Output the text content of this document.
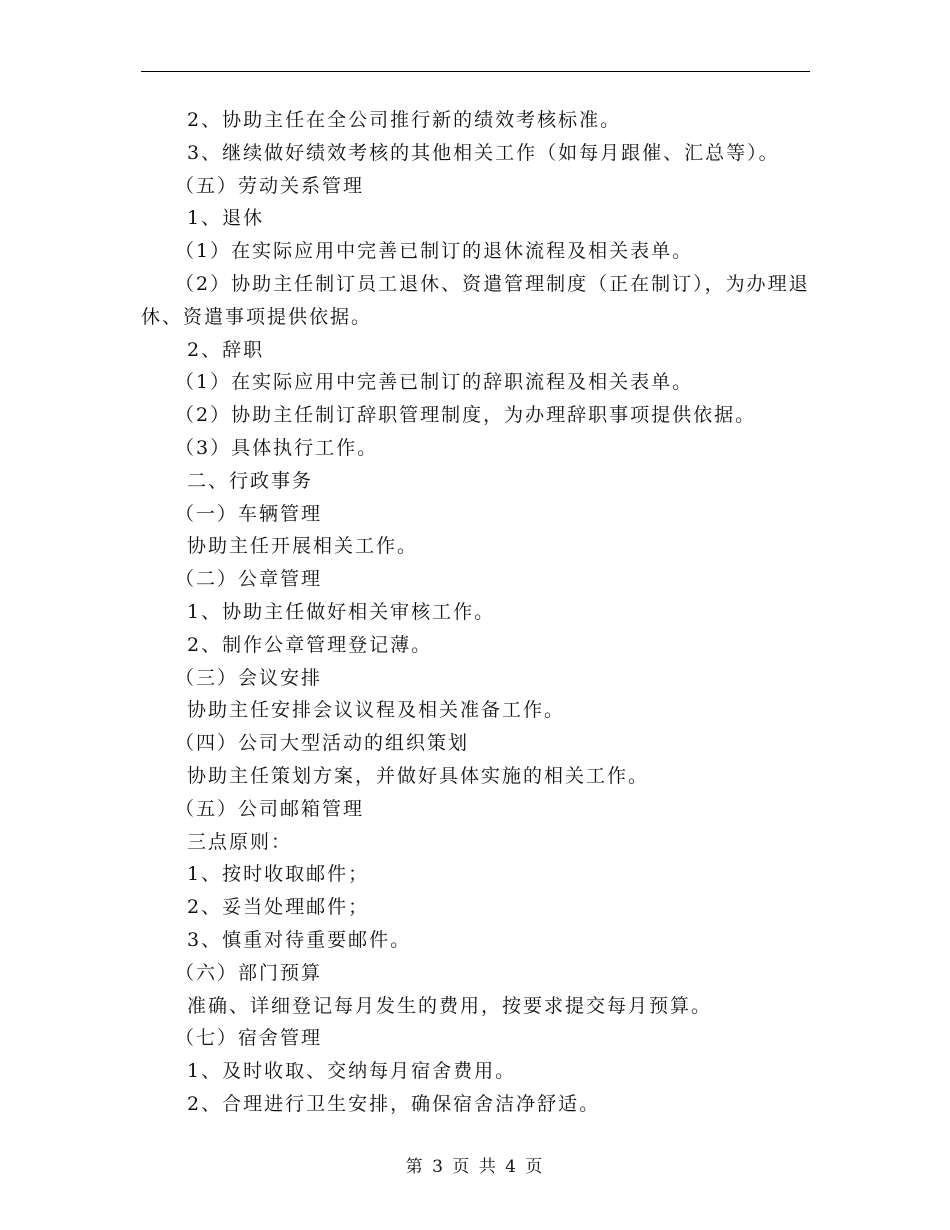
2、协助主任在全公司推行新的绩效考核标准。
3、继续做好绩效考核的其他相关工作（如每月跟催、汇总等）。
（五）劳动关系管理
1、退休
（1）在实际应用中完善已制订的退休流程及相关表单。
（2）协助主任制订员工退休、资遣管理制度（正在制订），为办理退休、资遣事项提供依据。
2、辞职
（1）在实际应用中完善已制订的辞职流程及相关表单。
（2）协助主任制订辞职管理制度，为办理辞职事项提供依据。
（3）具体执行工作。
二、行政事务
（一）车辆管理
协助主任开展相关工作。
（二）公章管理
1、协助主任做好相关审核工作。
2、制作公章管理登记薄。
（三）会议安排
协助主任安排会议议程及相关准备工作。
（四）公司大型活动的组织策划
协助主任策划方案，并做好具体实施的相关工作。
（五）公司邮箱管理
三点原则：
1、按时收取邮件；
2、妥当处理邮件；
3、慎重对待重要邮件。
（六）部门预算
准确、详细登记每月发生的费用，按要求提交每月预算。
（七）宿舍管理
1、及时收取、交纳每月宿舍费用。
2、合理进行卫生安排，确保宿舍洁净舒适。
第 3 页 共 4 页
